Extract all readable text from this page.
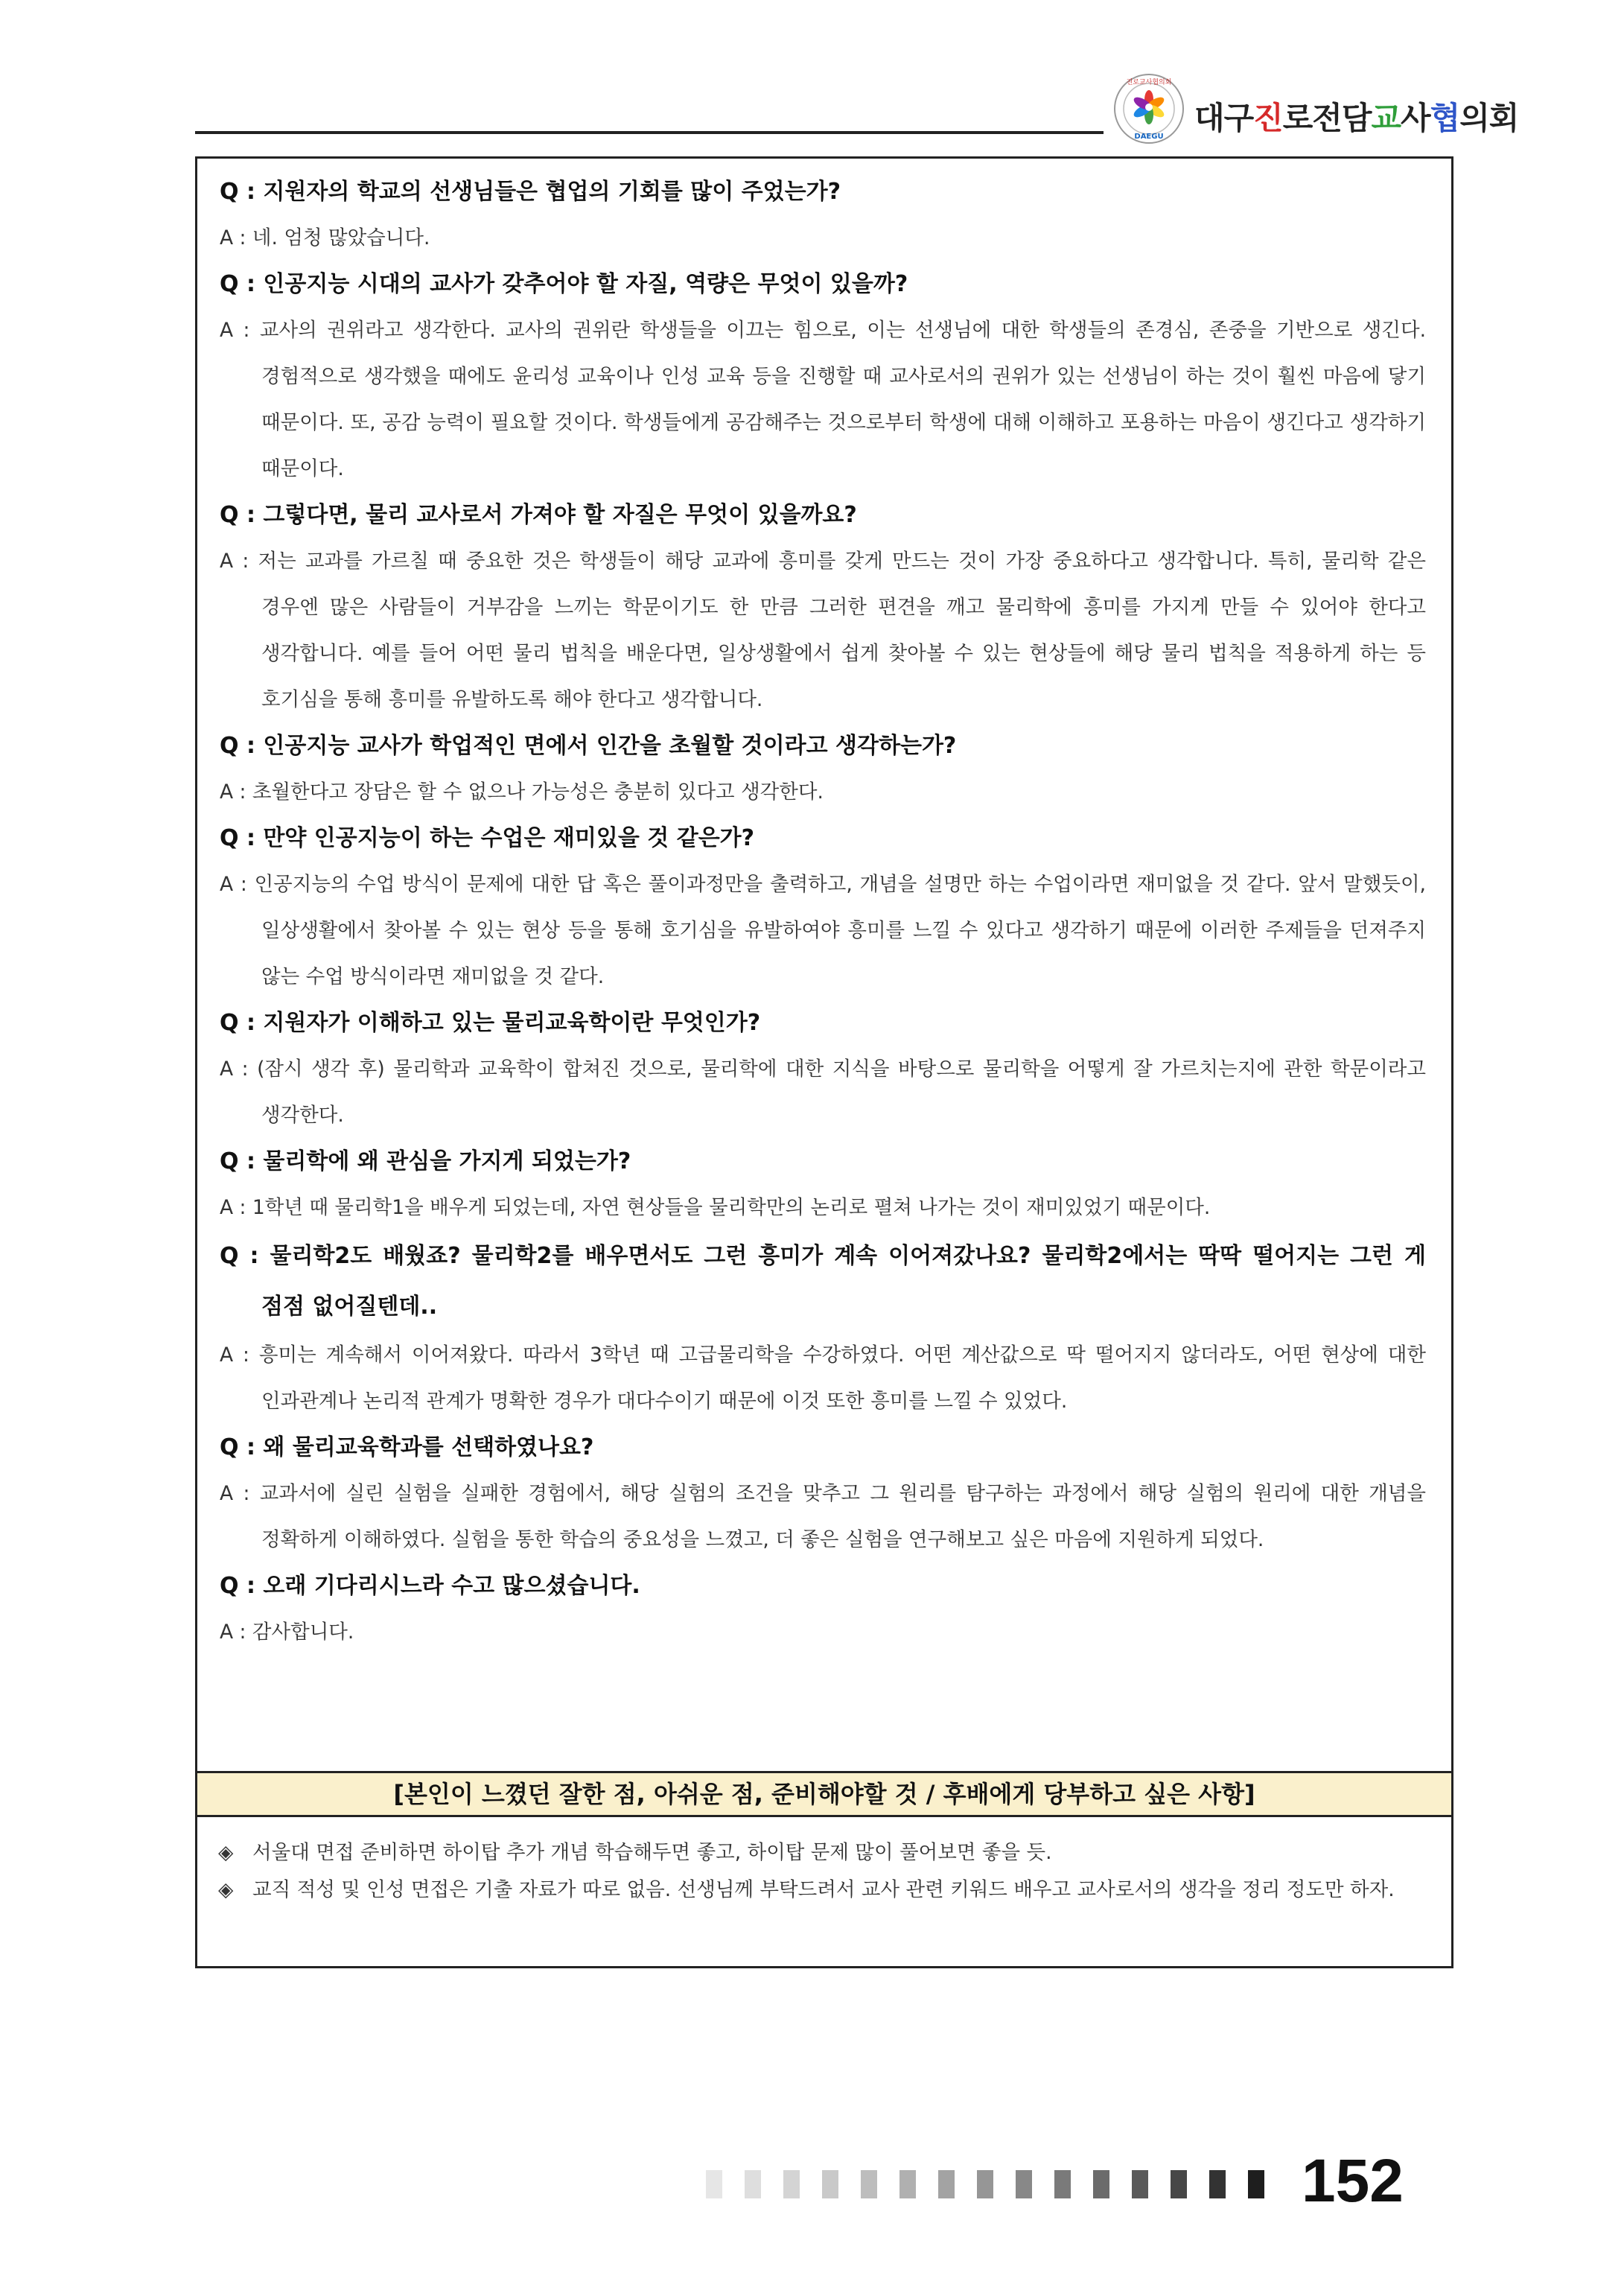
진로교사협의회
DAEGU
대구진로전담교사협의회

Q : 지원자의 학교의 선생님들은 협업의 기회를 많이 주었는가?

A : 네. 엄청 많았습니다.

Q : 인공지능 시대의 교사가 갖추어야 할 자질, 역량은 무엇이 있을까?

A : 교사의 권위라고 생각한다. 교사의 권위란 학생들을 이끄는 힘으로, 이는 선생님에 대한 학생들의 존경심, 존중을 기반으로 생긴다. 경험적으로 생각했을 때에도 윤리성 교육이나 인성 교육 등을 진행할 때 교사로서의 권위가 있는 선생님이 하는 것이 훨씬 마음에 닿기 때문이다. 또, 공감 능력이 필요할 것이다. 학생들에게 공감해주는 것으로부터 학생에 대해 이해하고 포용하는 마음이 생긴다고 생각하기 때문이다.

Q : 그렇다면, 물리 교사로서 가져야 할 자질은 무엇이 있을까요?

A : 저는 교과를 가르칠 때 중요한 것은 학생들이 해당 교과에 흥미를 갖게 만드는 것이 가장 중요하다고 생각합니다. 특히, 물리학 같은 경우엔 많은 사람들이 거부감을 느끼는 학문이기도 한 만큼 그러한 편견을 깨고 물리학에 흥미를 가지게 만들 수 있어야 한다고 생각합니다. 예를 들어 어떤 물리 법칙을 배운다면, 일상생활에서 쉽게 찾아볼 수 있는 현상들에 해당 물리 법칙을 적용하게 하는 등 호기심을 통해 흥미를 유발하도록 해야 한다고 생각합니다.

Q : 인공지능 교사가 학업적인 면에서 인간을 초월할 것이라고 생각하는가?

A : 초월한다고 장담은 할 수 없으나 가능성은 충분히 있다고 생각한다.

Q : 만약 인공지능이 하는 수업은 재미있을 것 같은가?

A : 인공지능의 수업 방식이 문제에 대한 답 혹은 풀이과정만을 출력하고, 개념을 설명만 하는 수업이라면 재미없을 것 같다. 앞서 말했듯이, 일상생활에서 찾아볼 수 있는 현상 등을 통해 호기심을 유발하여야 흥미를 느낄 수 있다고 생각하기 때문에 이러한 주제들을 던져주지 않는 수업 방식이라면 재미없을 것 같다.

Q : 지원자가 이해하고 있는 물리교육학이란 무엇인가?

A : (잠시 생각 후) 물리학과 교육학이 합쳐진 것으로, 물리학에 대한 지식을 바탕으로 물리학을 어떻게 잘 가르치는지에 관한 학문이라고 생각한다.

Q : 물리학에 왜 관심을 가지게 되었는가?

A : 1학년 때 물리학1을 배우게 되었는데, 자연 현상들을 물리학만의 논리로 펼쳐 나가는 것이 재미있었기 때문이다.

Q : 물리학2도 배웠죠? 물리학2를 배우면서도 그런 흥미가 계속 이어져갔나요? 물리학2에서는 딱딱 떨어지는 그런 게 점점 없어질텐데..

A : 흥미는 계속해서 이어져왔다. 따라서 3학년 때 고급물리학을 수강하였다. 어떤 계산값으로 딱 떨어지지 않더라도, 어떤 현상에 대한 인과관계나 논리적 관계가 명확한 경우가 대다수이기 때문에 이것 또한 흥미를 느낄 수 있었다.

Q : 왜 물리교육학과를 선택하였나요?

A : 교과서에 실린 실험을 실패한 경험에서, 해당 실험의 조건을 맞추고 그 원리를 탐구하는 과정에서 해당 실험의 원리에 대한 개념을 정확하게 이해하였다. 실험을 통한 학습의 중요성을 느꼈고, 더 좋은 실험을 연구해보고 싶은 마음에 지원하게 되었다.

Q : 오래 기다리시느라 수고 많으셨습니다.

A : 감사합니다.

[본인이 느꼈던 잘한 점, 아쉬운 점, 준비해야할 것 / 후배에게 당부하고 싶은 사항]
◈ 서울대 면접 준비하면 하이탑 추가 개념 학습해두면 좋고, 하이탑 문제 많이 풀어보면 좋을 듯.
◈ 교직 적성 및 인성 면접은 기출 자료가 따로 없음. 선생님께 부탁드려서 교사 관련 키워드 배우고 교사로서의 생각을 정리 정도만 하자.
152
